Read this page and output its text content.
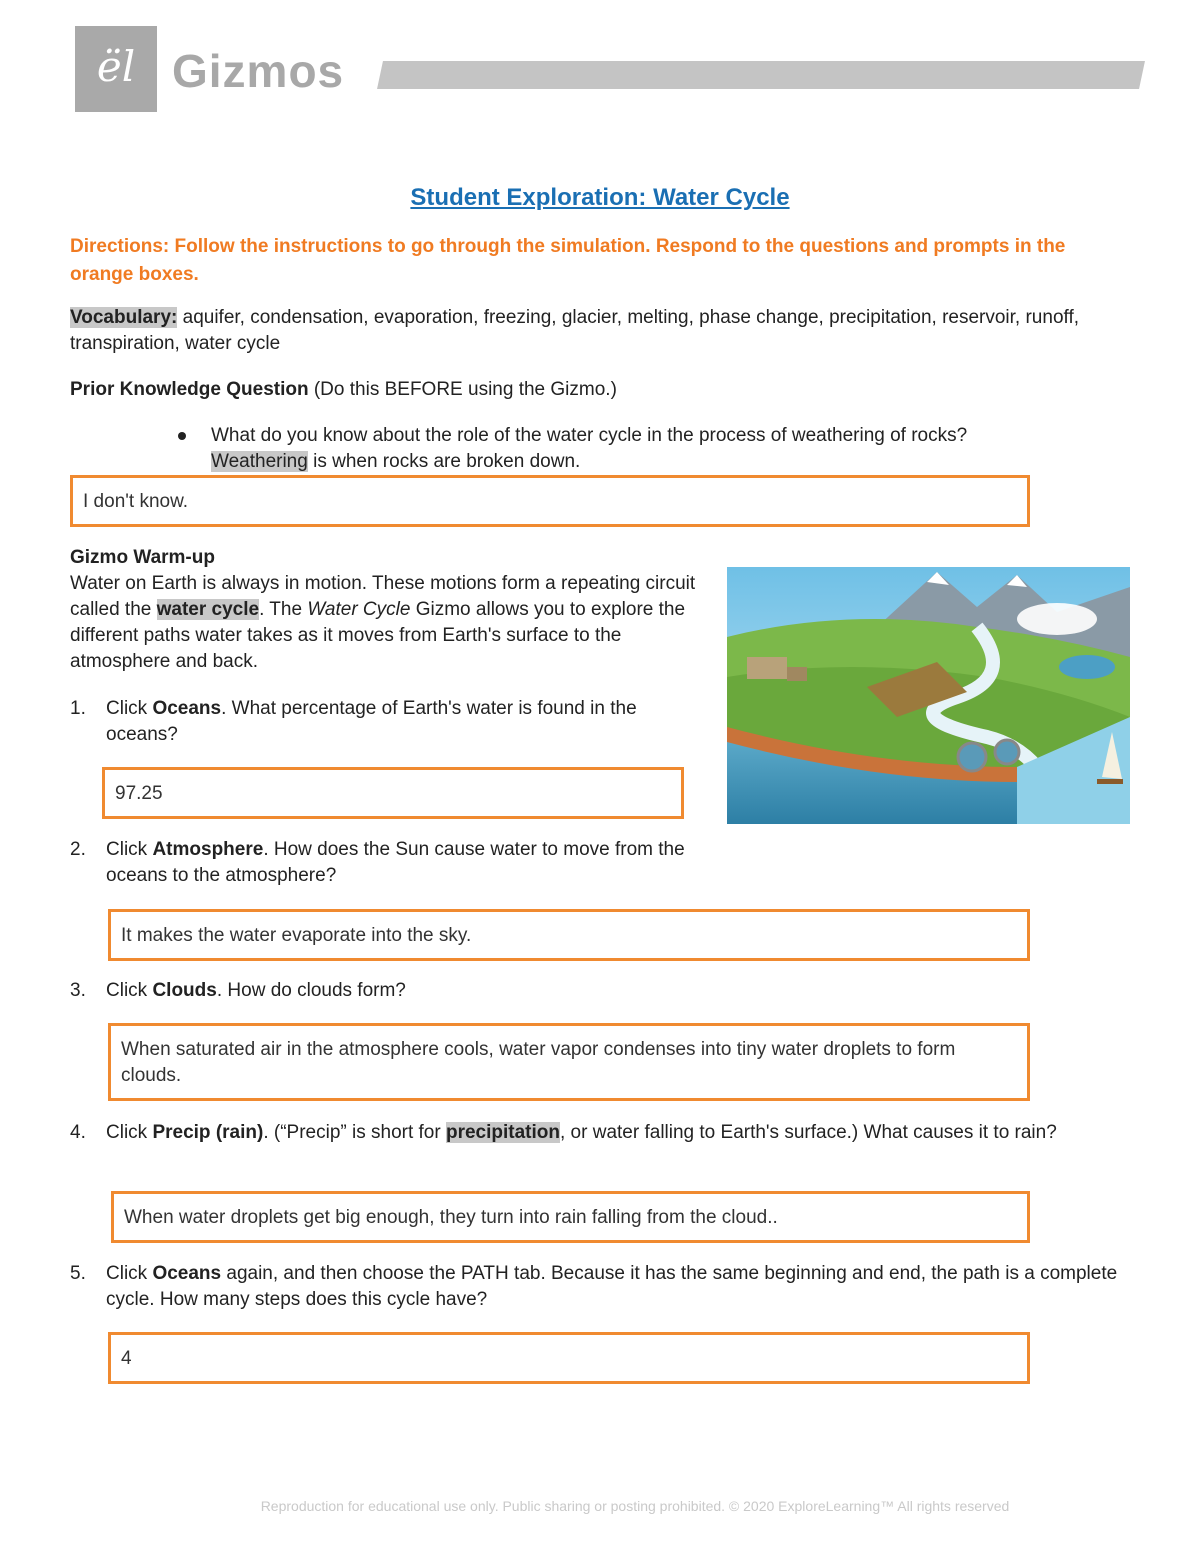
ël Gizmos
Student Exploration: Water Cycle
Directions: Follow the instructions to go through the simulation. Respond to the questions and prompts in the orange boxes.
Vocabulary: aquifer, condensation, evaporation, freezing, glacier, melting, phase change, precipitation, reservoir, runoff, transpiration, water cycle
Prior Knowledge Question (Do this BEFORE using the Gizmo.)
What do you know about the role of the water cycle in the process of weathering of rocks?
Weathering is when rocks are broken down.
I don't know.
Gizmo Warm-up
Water on Earth is always in motion. These motions form a repeating circuit called the water cycle. The Water Cycle Gizmo allows you to explore the different paths water takes as it moves from Earth's surface to the atmosphere and back.
1. Click Oceans. What percentage of Earth's water is found in the oceans?
97.25
2. Click Atmosphere. How does the Sun cause water to move from the oceans to the atmosphere?
It makes the water evaporate into the sky.
3. Click Clouds. How do clouds form?
When saturated air in the atmosphere cools, water vapor condenses into tiny water droplets to form clouds.
4. Click Precip (rain). (“Precip” is short for precipitation, or water falling to Earth's surface.) What causes it to rain?
When water droplets get big enough, they turn into rain falling from the cloud..
5. Click Oceans again, and then choose the PATH tab. Because it has the same beginning and end, the path is a complete cycle. How many steps does this cycle have?
4
Reproduction for educational use only. Public sharing or posting prohibited. © 2020 ExploreLearning™ All rights reserved
